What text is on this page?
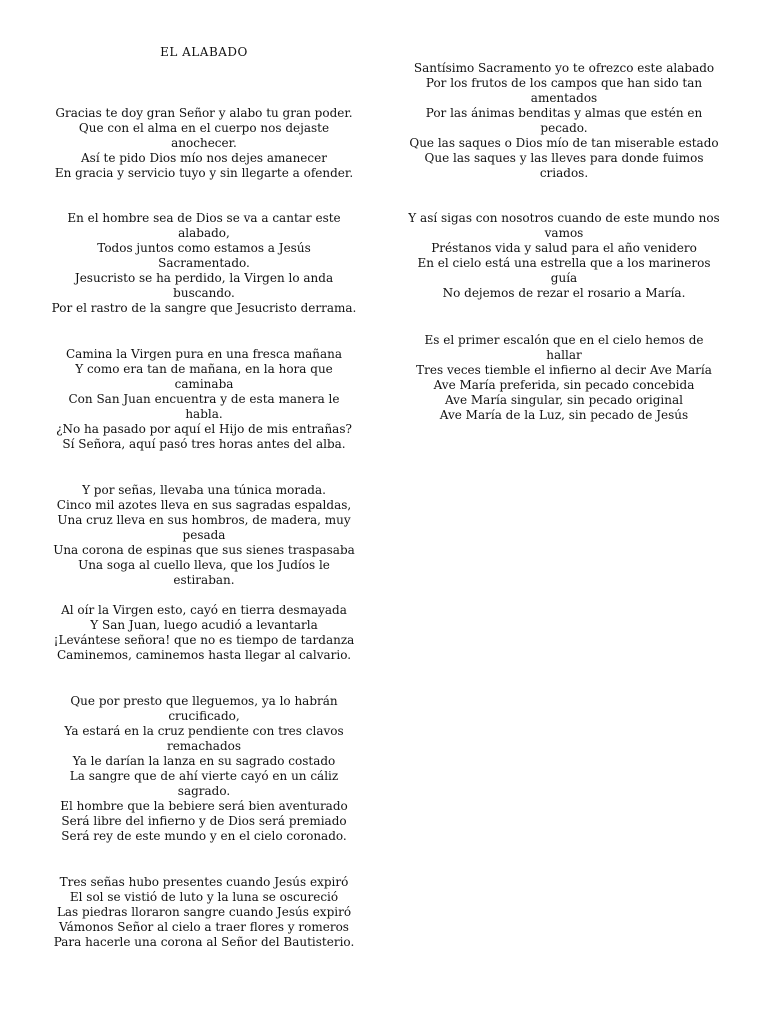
EL ALABADO
Gracias te doy gran Señor y alabo tu gran poder.
Que con el alma en el cuerpo nos dejaste
anochecer.
Así te pido Dios mío nos dejes amanecer
En gracia y servicio tuyo y sin llegarte a ofender.
En el hombre sea de Dios se va a cantar este
alabado,
Todos juntos como estamos a Jesús
Sacramentado.
Jesucristo se ha perdido, la Virgen lo anda
buscando.
Por el rastro de la sangre que Jesucristo derrama.
Camina la Virgen pura en una fresca mañana
Y como era tan de mañana, en la hora que
caminaba
Con San Juan encuentra y de esta manera le
habla.
¿No ha pasado por aquí el Hijo de mis entrañas?
Sí Señora, aquí pasó tres horas antes del alba.
Y por señas, llevaba una túnica morada.
Cinco mil azotes lleva en sus sagradas espaldas,
Una cruz lleva en sus hombros, de madera, muy
pesada
Una corona de espinas que sus sienes traspasaba
Una soga al cuello lleva, que los Judíos le
estiraban.
Al oír la Virgen esto, cayó en tierra desmayada
Y San Juan, luego acudió a levantarla
¡Levántese señora! que no es tiempo de tardanza
Caminemos, caminemos hasta llegar al calvario.
Que por presto que lleguemos, ya lo habrán
crucificado,
Ya estará en la cruz pendiente con tres clavos
remachados
Ya le darían la lanza en su sagrado costado
La sangre que de ahí vierte cayó en un cáliz
sagrado.
El hombre que la bebiere será bien aventurado
Será libre del infierno y de Dios será premiado
Será rey de este mundo y en el cielo coronado.
Tres señas hubo presentes cuando Jesús expiró
El sol se vistió de luto y la luna se oscureció
Las piedras lloraron sangre cuando Jesús expiró
Vámonos Señor al cielo a traer flores y romeros
Para hacerle una corona al Señor del Bautisterio.
Santísimo Sacramento yo te ofrezco este alabado
Por los frutos de los campos que han sido tan
amentados
Por las ánimas benditas y almas que estén en
pecado.
Que las saques o Dios mío de tan miserable estado
Que las saques y las lleves para donde fuimos
criados.
Y así sigas con nosotros cuando de este mundo nos
vamos
Préstanos vida y salud para el año venidero
En el cielo está una estrella que a los marineros
guía
No dejemos de rezar el rosario a María.
Es el primer escalón que en el cielo hemos de
hallar
Tres veces tiemble el infierno al decir Ave María
Ave María preferida, sin pecado concebida
Ave María singular, sin pecado original
Ave María de la Luz, sin pecado de Jesús
